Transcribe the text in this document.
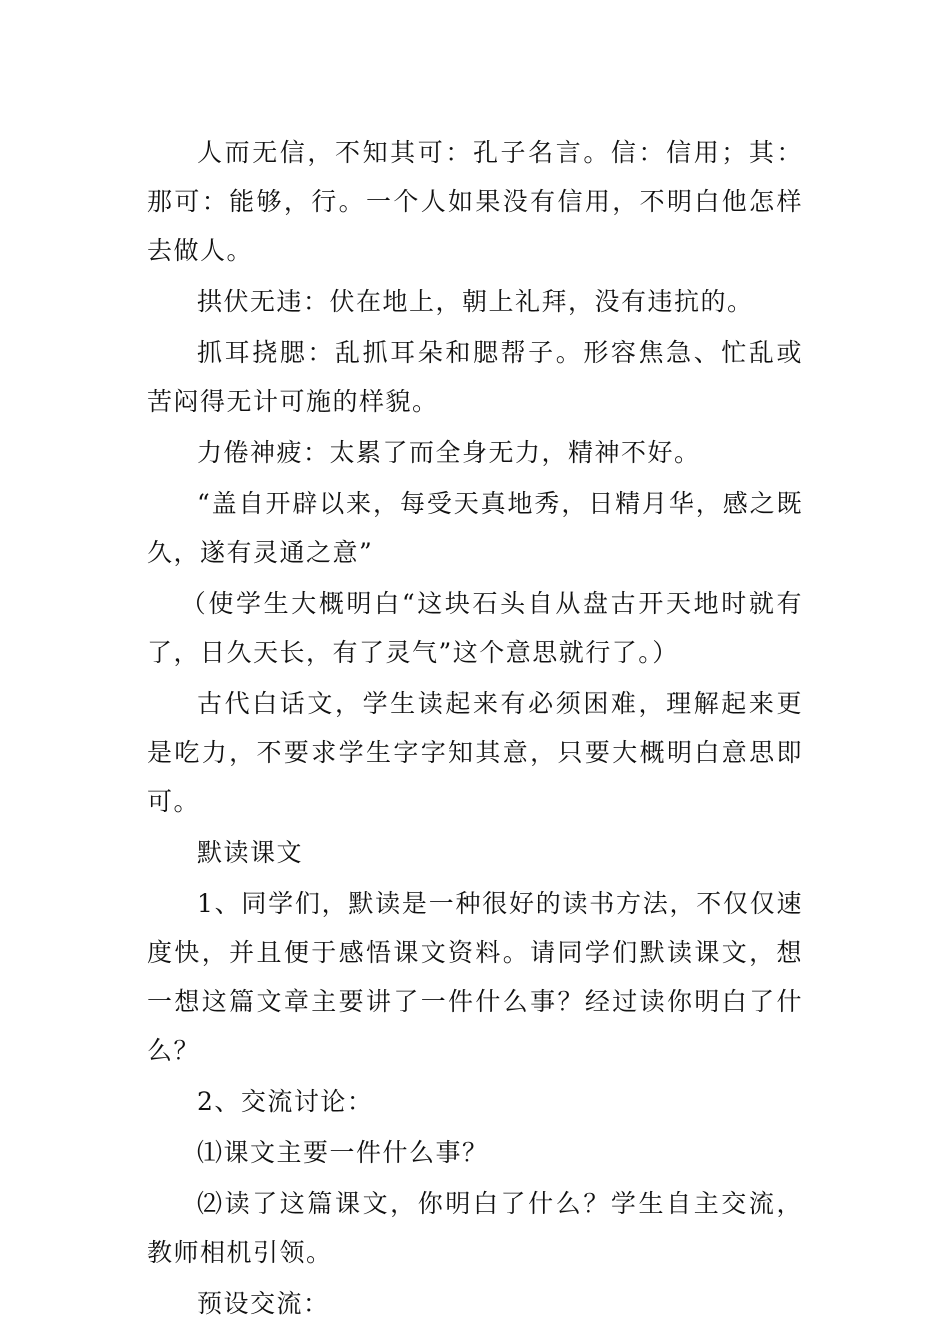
人而无信，不知其可：孔子名言。信：信用；其：那可：能够，行。一个人如果没有信用，不明白他怎样去做人。

拱伏无违：伏在地上，朝上礼拜，没有违抗的。

抓耳挠腮：乱抓耳朵和腮帮子。形容焦急、忙乱或苦闷得无计可施的样貌。

力倦神疲：太累了而全身无力，精神不好。

“盖自开辟以来，每受天真地秀，日精月华，感之既久，遂有灵通之意”

（使学生大概明白“这块石头自从盘古开天地时就有了，日久天长，有了灵气”这个意思就行了。）

古代白话文，学生读起来有必须困难，理解起来更是吃力，不要求学生字字知其意，只要大概明白意思即可。

默读课文

1、同学们，默读是一种很好的读书方法，不仅仅速度快，并且便于感悟课文资料。请同学们默读课文，想一想这篇文章主要讲了一件什么事？经过读你明白了什么？

2、交流讨论：

⑴课文主要一件什么事？

⑵读了这篇课文，你明白了什么？学生自主交流，教师相机引领。

预设交流：
